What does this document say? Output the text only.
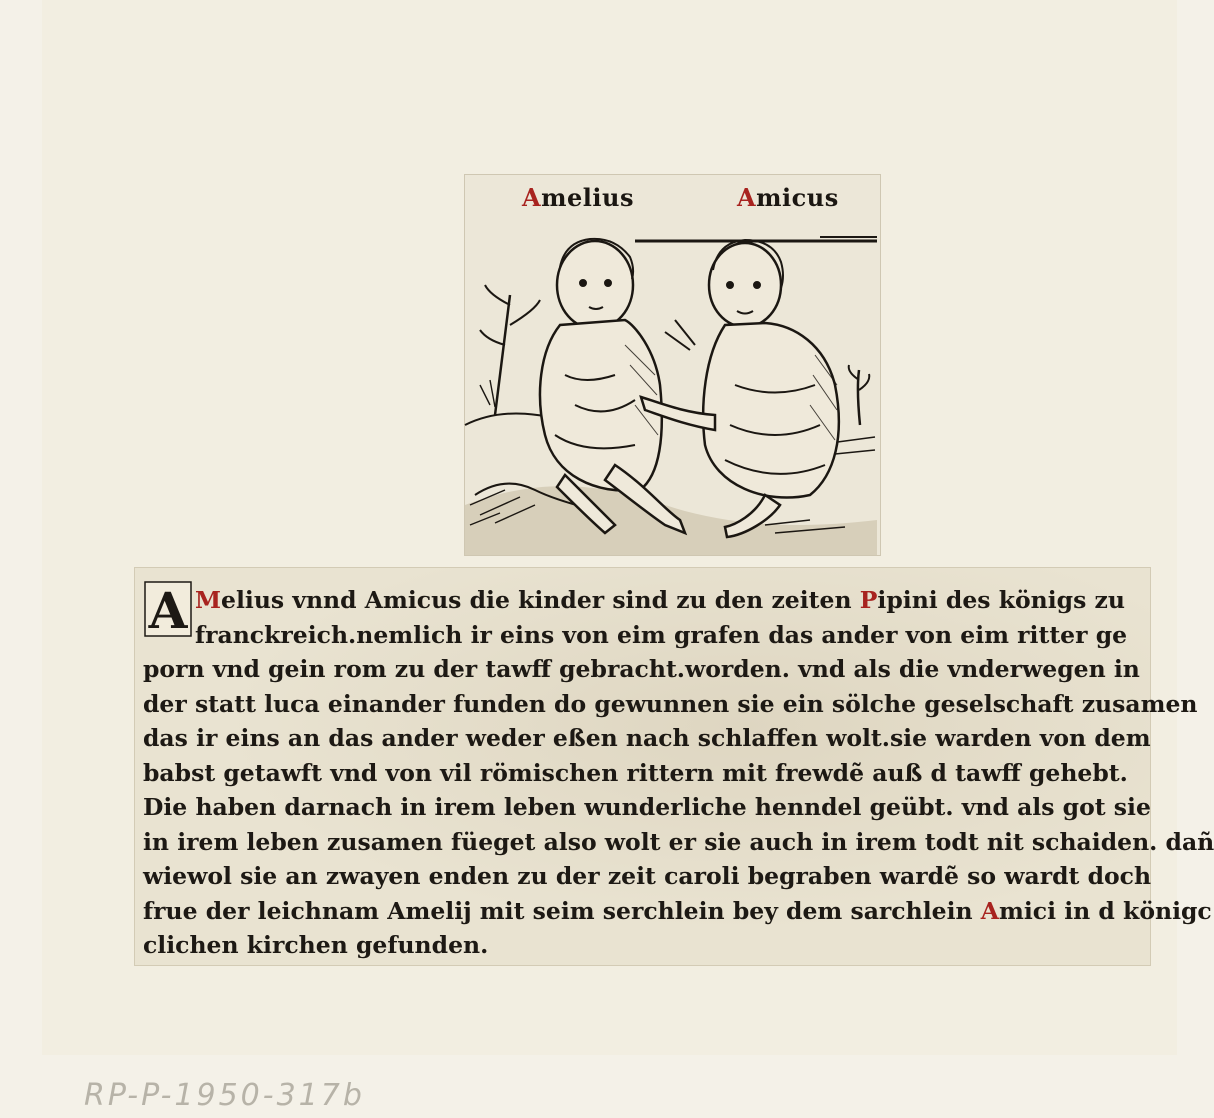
Amelius	Amicus
A Melius vnnd Amicus die kinder sind zu den zeiten Pipini des königs zu
franckreich.nemlich ir eins von eim grafen das ander von eim ritter ge
porn vnd gein rom zu der tawff gebracht.worden. vnd als die vnderwegen in
der statt luca einander funden do gewunnen sie ein sölche geselschaft zusamen
das ir eins an das ander weder eßen nach schlaffen wolt.sie warden von dem
babst getawft vnd von vil römischen rittern mit frewdẽ auß d tawff gehebt.
Die haben darnach in irem leben wunderliche henndel geübt. vnd als got sie
in irem leben zusamen füeget also wolt er sie auch in irem todt nit schaiden. dañ
wiewol sie an zwayen enden zu der zeit caroli begraben wardẽ so wardt doch
frue der leichnam Amelij mit seim serchlein bey dem sarchlein Amici in d königc
clichen kirchen gefunden.
RP-P-1950-317b
